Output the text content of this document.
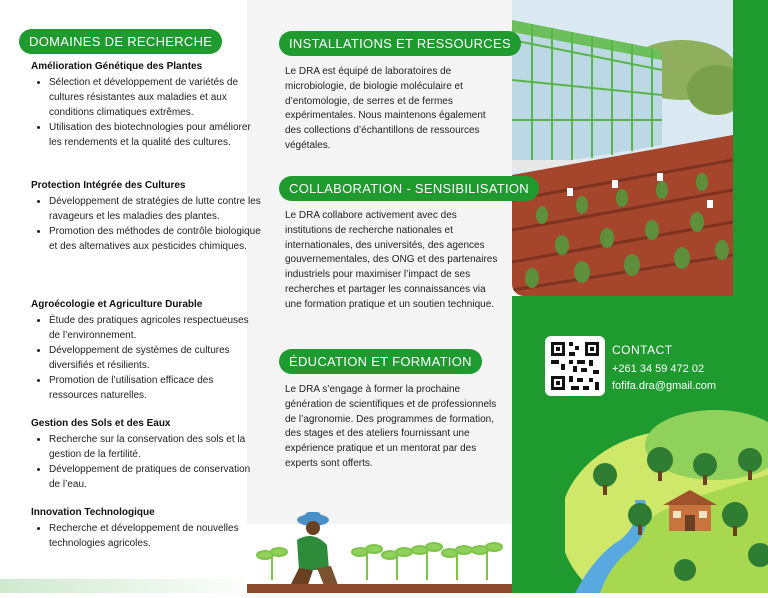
DOMAINES DE RECHERCHE
Amélioration Génétique des Plantes
• Sélection et développement de variétés de cultures résistantes aux maladies et aux conditions climatiques extrêmes.
• Utilisation des biotechnologies pour améliorer les rendements et la qualité des cultures.
Protection Intégrée des Cultures
• Développement de stratégies de lutte contre les ravageurs et les maladies des plantes.
• Promotion des méthodes de contrôle biologique et des alternatives aux pesticides chimiques.
Agroécologie et Agriculture Durable
• Étude des pratiques agricoles respectueuses de l’environnement.
• Développement de systèmes de cultures diversifiés et résilients.
• Promotion de l’utilisation efficace des ressources naturelles.
Gestion des Sols et des Eaux
• Recherche sur la conservation des sols et la gestion de la fertilité.
• Développement de pratiques de conservation de l’eau.
Innovation Technologique
• Recherche et développement de nouvelles technologies agricoles.
INSTALLATIONS ET RESSOURCES
Le DRA est équipé de laboratoires de microbiologie, de biologie moléculaire et d’entomologie, de serres et de fermes expérimentales. Nous maintenons également des collections d’échantillons de ressources végétales.
COLLABORATION - SENSIBILISATION
Le DRA collabore activement avec des institutions de recherche nationales et internationales, des universités, des agences gouvernementales, des ONG et des partenaires industriels pour maximiser l’impact de ses recherches et partager les connaissances via une formation pratique et un soutien technique.
ÉDUCATION ET FORMATION
Le DRA s’engage à former la prochaine génération de scientifiques et de professionnels de l’agronomie. Des programmes de formation, des stages et des ateliers fournissant une expérience pratique et un mentorat par des experts sont offerts.
CONTACT
+261 34 59 472 02
fofifa.dra@gmail.com
